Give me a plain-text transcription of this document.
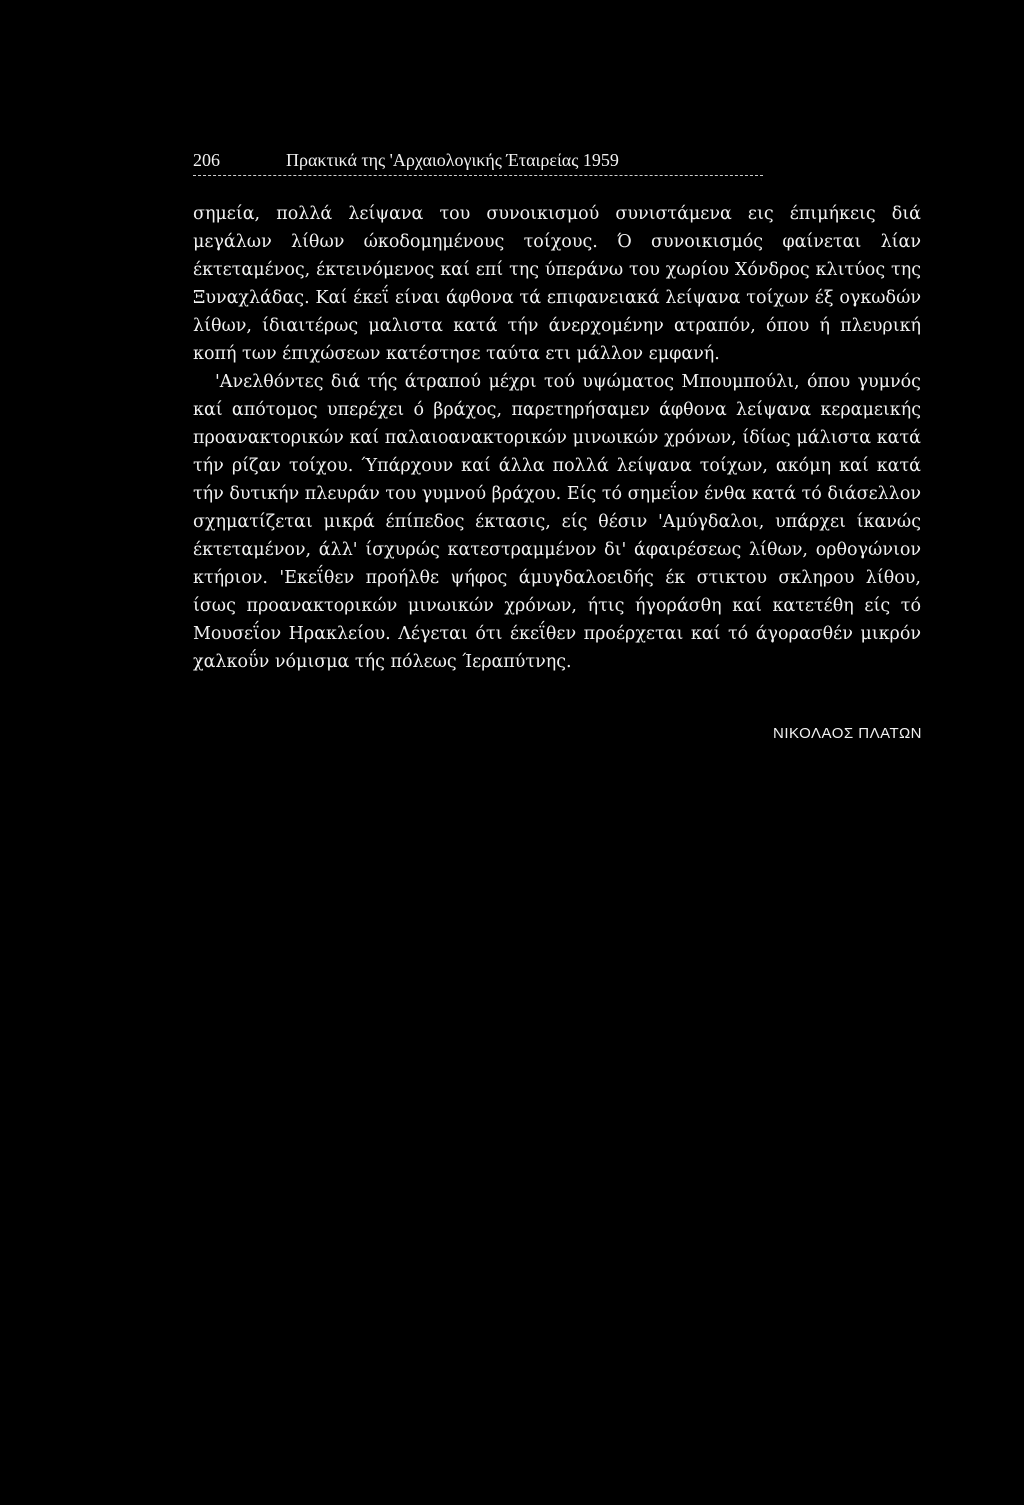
206	Πρακτικά της 'Αρχαιολογικής Έταιρείας 1959

σημεία, πολλά λείψανα του συνοικισμού συνιστάμενα εις έπιμήκεις διά μεγάλων λίθων ώκοδομημένους τοίχους. Ό συνοικισμός φαίνεται λίαν έκτεταμένος, έκτεινόμενος καί επί της ύπεράνω του χωρίου Χόνδρος κλιτύος της Ξυναχλάδας. Καί έκεΐ είναι άφθονα τά επιφανειακά λείψανα τοίχων έξ ογκωδών λίθων, ίδιαιτέρως μαλιστα κατά τήν άνερχομένην ατραπόν, όπου ή πλευρική κοπή των έπιχώσεων κατέστησε ταύτα ετι μάλλον εμφανή.

'Ανελθόντες διά τής άτραπού μέχρι τού υψώματος Μπουμπούλι, όπου γυμνός καί απότομος υπερέχει ό βράχος, παρετηρήσαμεν άφθονα λείψανα κεραμεικής προανακτορικών καί παλαιοανακτορικών μινωικών χρόνων, ίδίως μάλιστα κατά τήν ρίζαν τοίχου. Ύπάρχουν καί άλλα πολλά λείψανα τοίχων, ακόμη καί κατά τήν δυτικήν πλευράν του γυμνού βράχου. Είς τό σημεΐον ένθα κατά τό διάσελλον σχηματίζεται μικρά έπίπεδος έκτασις, είς θέσιν 'Αμύγδαλοι, υπάρχει ίκανώς έκτεταμένον, άλλ' ίσχυρώς κατεστραμμένον δι' άφαιρέσεως λίθων, ορθογώνιον κτήριον. 'Εκεΐθεν προήλθε ψήφος άμυγδαλοειδής έκ στικτου σκληρου λίθου, ίσως προανακτορικών μινωικών χρόνων, ήτις ήγοράσθη καί κατετέθη είς τό Μουσεΐον Ηρακλείου. Λέγεται ότι έκεΐθεν προέρχεται καί τό άγορασθέν μικρόν χαλκοΰν νόμισμα τής πόλεως Ίεραπύτνης.

ΝΙΚΟΛΑΟΣ ΠΛΑΤΩΝ
